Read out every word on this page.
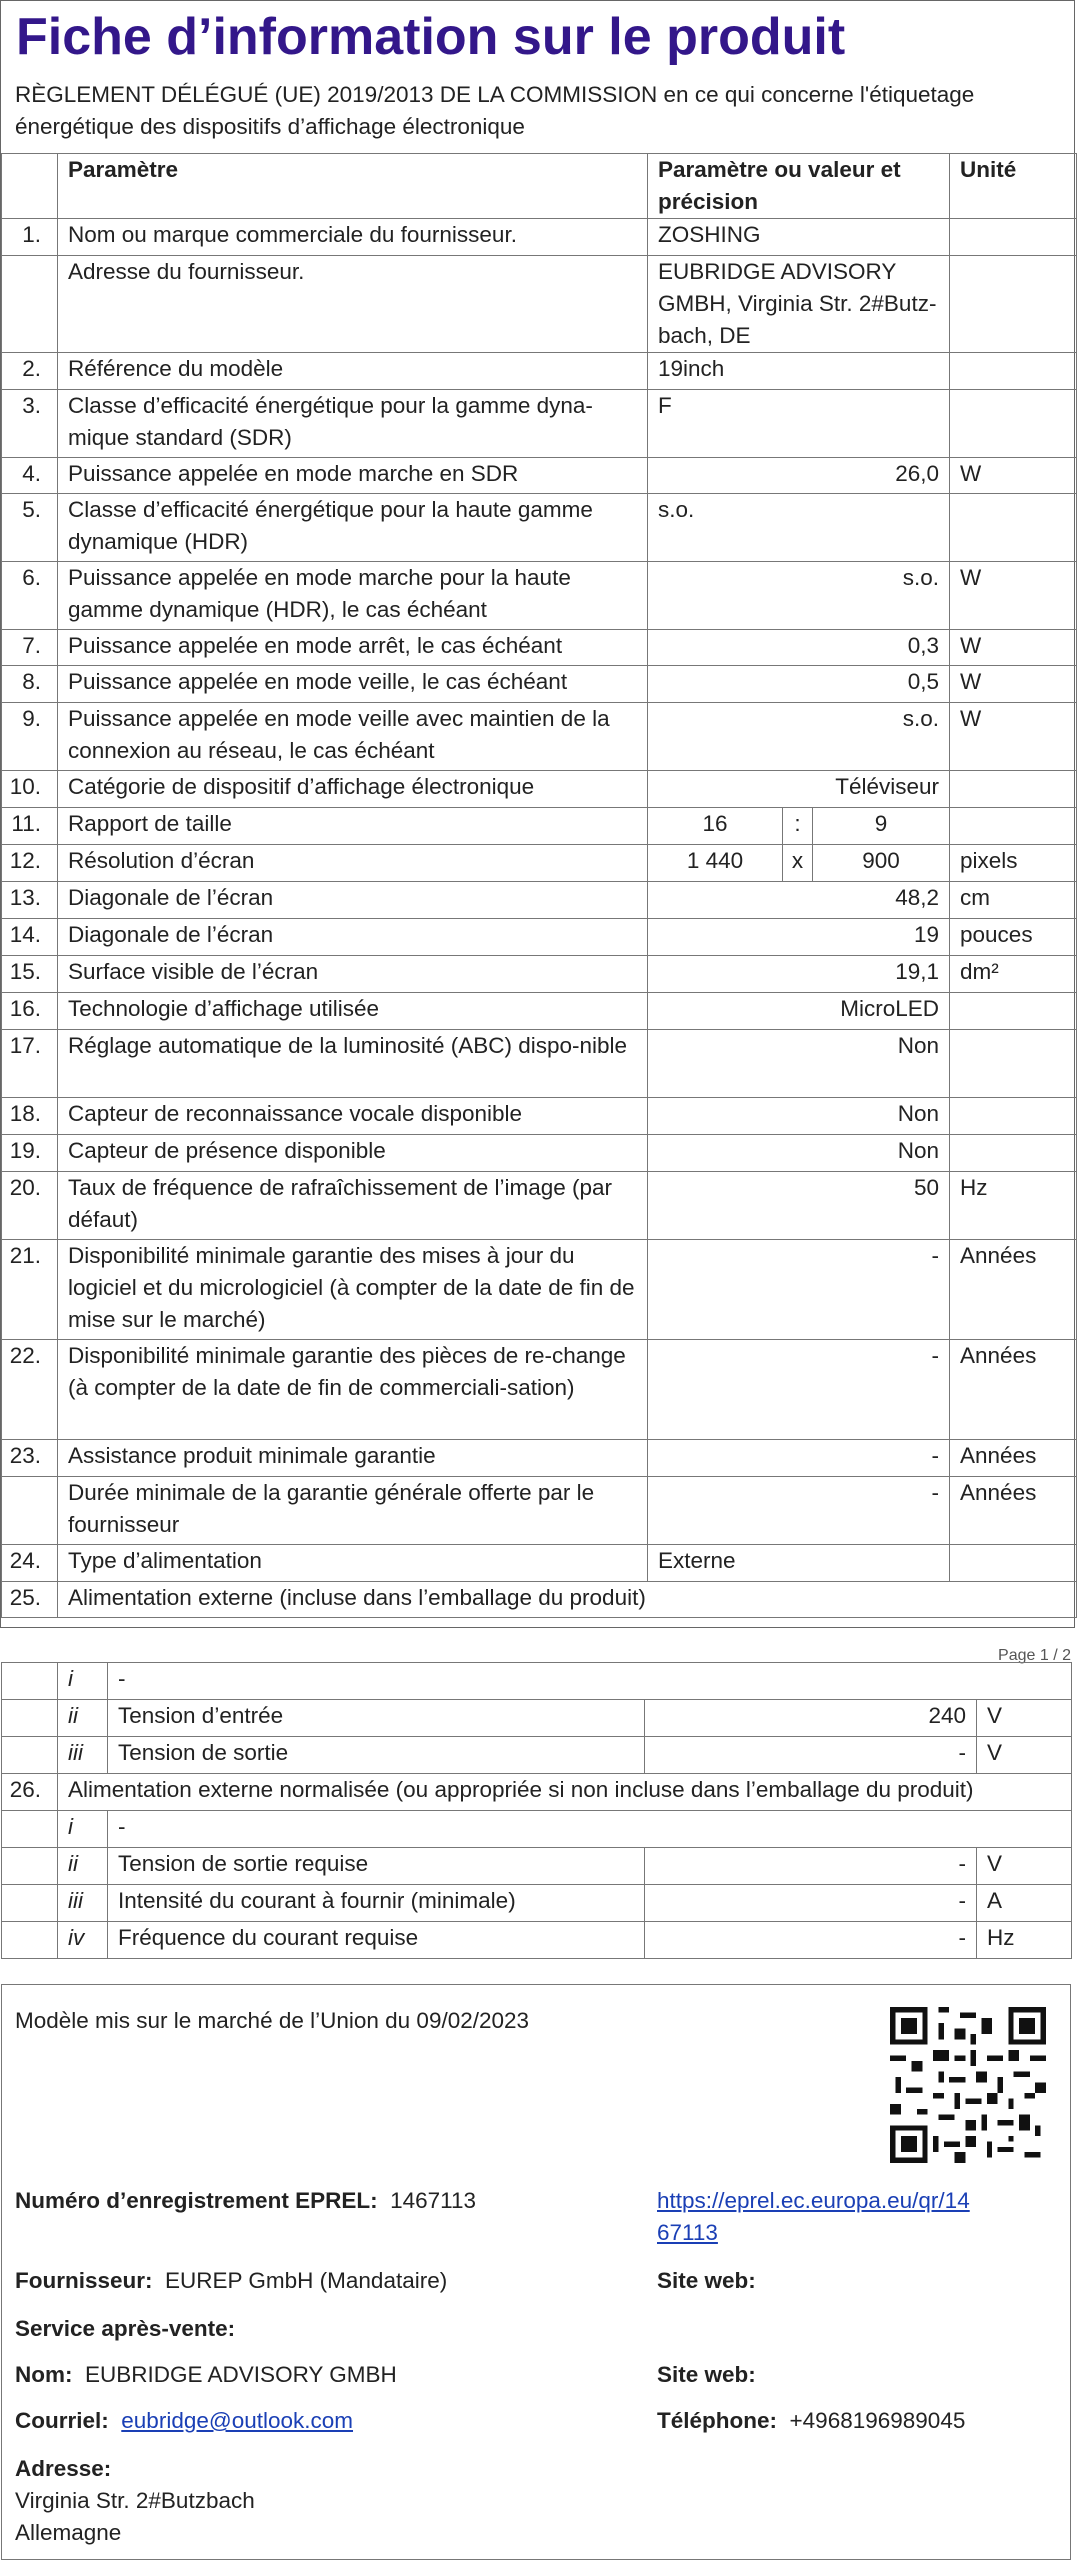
Fiche d’information sur le produit
RÈGLEMENT DÉLÉGUÉ (UE) 2019/2013 DE LA COMMISSION en ce qui concerne l'étiquetage énergétique des dispositifs d’affichage électronique
	Paramètre	Paramètre ou valeur et précision			Unité
1.	Nom ou marque commerciale du fournisseur.	ZOSHING			
	Adresse du fournisseur.	EUBRIDGE ADVISORY GMBH, Virginia Str. 2#Butz-bach, DE			
2.	Référence du modèle	19inch			
3.	Classe d’efficacité énergétique pour la gamme dyna-mique standard (SDR)	F			
4.	Puissance appelée en mode marche en SDR	26,0			W
5.	Classe d’efficacité énergétique pour la haute gamme dynamique (HDR)	s.o.			
6.	Puissance appelée en mode marche pour la haute gamme dynamique (HDR), le cas échéant	s.o.			W
7.	Puissance appelée en mode arrêt, le cas échéant	0,3			W
8.	Puissance appelée en mode veille, le cas échéant	0,5			W
9.	Puissance appelée en mode veille avec maintien de la connexion au réseau, le cas échéant	s.o.			W
10.	Catégorie de dispositif d’affichage électronique	Téléviseur			
11.	Rapport de taille	16	:	9	
12.	Résolution d’écran	1 440	x	900	pixels
13.	Diagonale de l’écran	48,2			cm
14.	Diagonale de l’écran	19			pouces
15.	Surface visible de l’écran	19,1			dm²
16.	Technologie d’affichage utilisée	MicroLED			
17.	Réglage automatique de la luminosité (ABC) dispo-nible	Non			
18.	Capteur de reconnaissance vocale disponible	Non			
19.	Capteur de présence disponible	Non			
20.	Taux de fréquence de rafraîchissement de l’image (par défaut)	50			Hz
21.	Disponibilité minimale garantie des mises à jour du logiciel et du micrologiciel (à compter de la date de fin de mise sur le marché)	-			Années
22.	Disponibilité minimale garantie des pièces de re-change (à compter de la date de fin de commerciali-sation)	-			Années
23.	Assistance produit minimale garantie	-			Années
	Durée minimale de la garantie générale offerte par le fournisseur	-			Années
24.	Type d’alimentation	Externe			
25.	Alimentation externe (incluse dans l’emballage du produit)				
Page 1 / 2
	i	-		
	ii	Tension d’entrée	240	V
	iii	Tension de sortie	-	V
26.	Alimentation externe normalisée (ou appropriée si non incluse dans l’emballage du produit)			
	i	-		
	ii	Tension de sortie requise	-	V
	iii	Intensité du courant à fournir (minimale)	-	A
	iv	Fréquence du courant requise	-	Hz
Modèle mis sur le marché de l’Union du 09/02/2023
Numéro d’enregistrement EPREL: 1467113	https://eprel.ec.europa.eu/qr/14
67113
Fournisseur: EUREP GmbH (Mandataire)	Site web:
Service après-vente:
Nom: EUBRIDGE ADVISORY GMBH	Site web:
Courriel: eubridge@outlook.com	Téléphone: +4968196989045
Adresse:
Virginia Str. 2#Butzbach
Allemagne
